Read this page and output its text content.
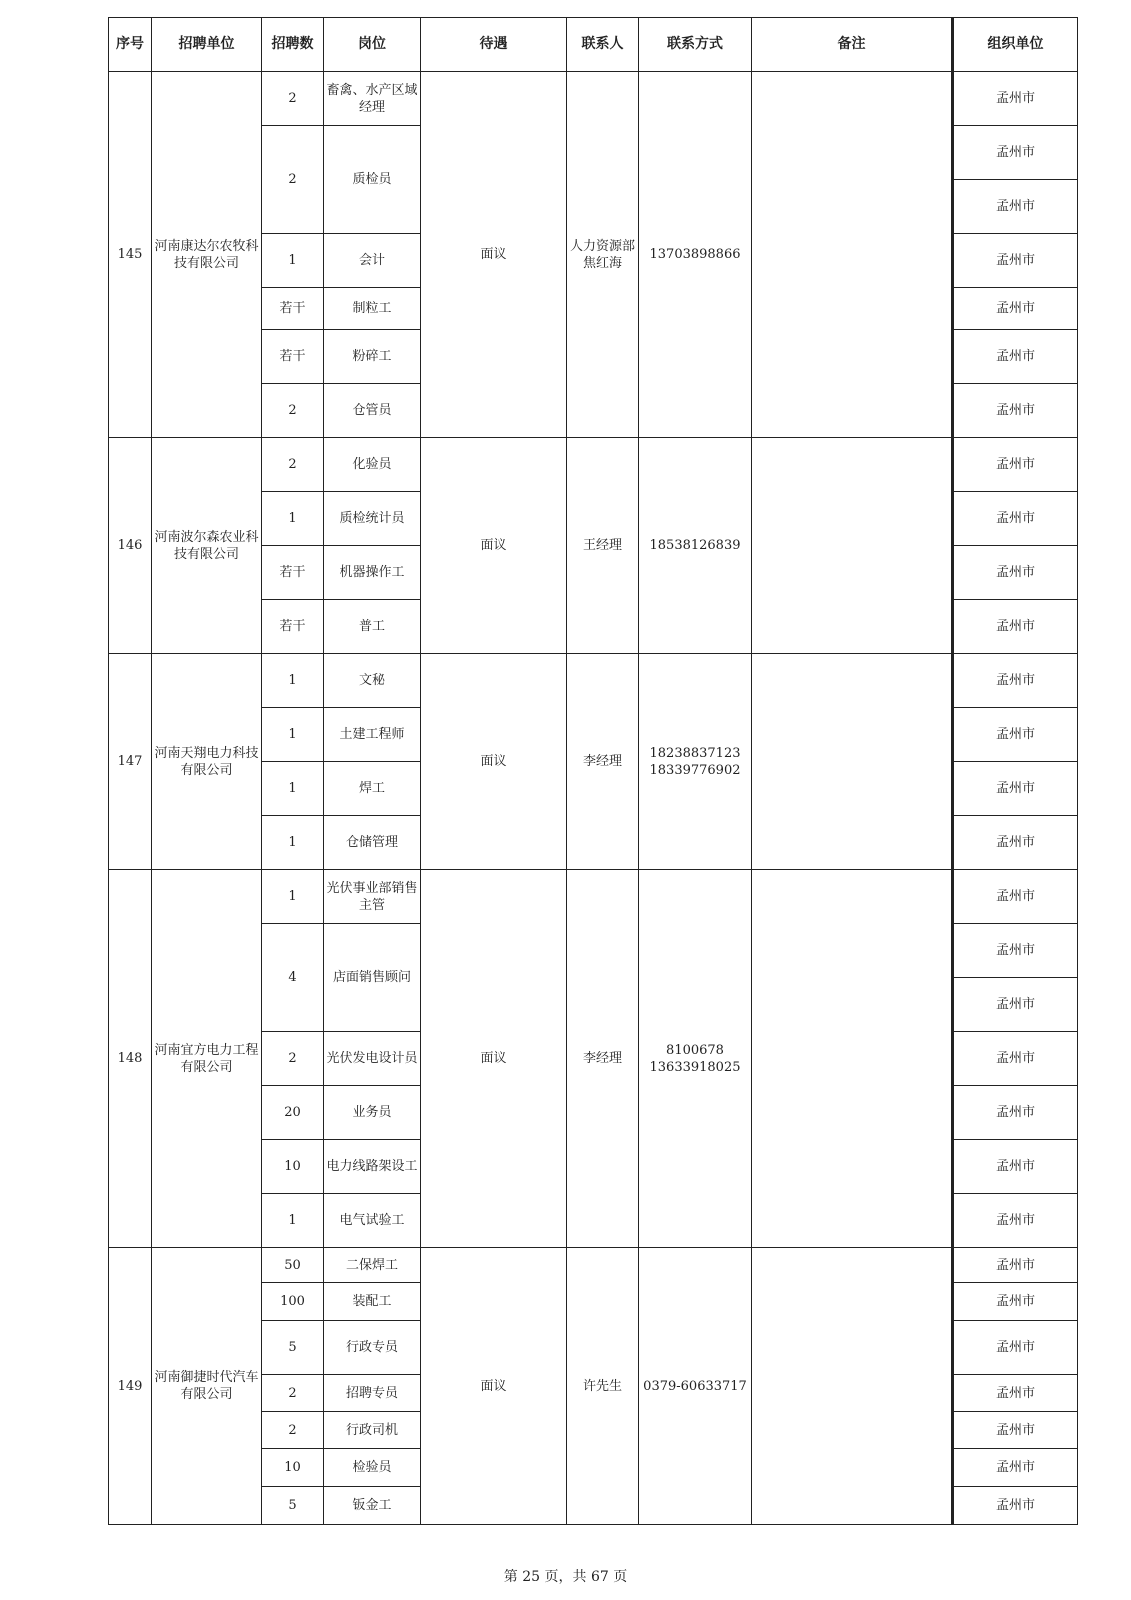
序号	招聘单位	招聘数	岗位	待遇	联系人	联系方式	备注	组织单位
145	河南康达尔农牧科技有限公司	2	畜禽、水产区域经理	面议	人力资源部焦红海	13703898866		孟州市
		2	质检员					孟州市
								孟州市
		1	会计					孟州市
		若干	制粒工					孟州市
		若干	粉碎工					孟州市
		2	仓管员					孟州市
146	河南波尔森农业科技有限公司	2	化验员	面议	王经理	18538126839		孟州市
		1	质检统计员					孟州市
		若干	机器操作工					孟州市
		若干	普工					孟州市
147	河南天翔电力科技有限公司	1	文秘	面议	李经理	18238837123 18339776902		孟州市
		1	土建工程师					孟州市
		1	焊工					孟州市
		1	仓储管理					孟州市
148	河南宜方电力工程有限公司	1	光伏事业部销售主管	面议	李经理	8100678 13633918025		孟州市
		4	店面销售顾问					孟州市
								孟州市
		2	光伏发电设计员					孟州市
		20	业务员					孟州市
		10	电力线路架设工					孟州市
		1	电气试验工					孟州市
149	河南御捷时代汽车有限公司	50	二保焊工	面议	许先生	0379-60633717		孟州市
		100	装配工					孟州市
		5	行政专员					孟州市
		2	招聘专员					孟州市
		2	行政司机					孟州市
		10	检验员					孟州市
		5	钣金工					孟州市
第 25 页，共 67 页
